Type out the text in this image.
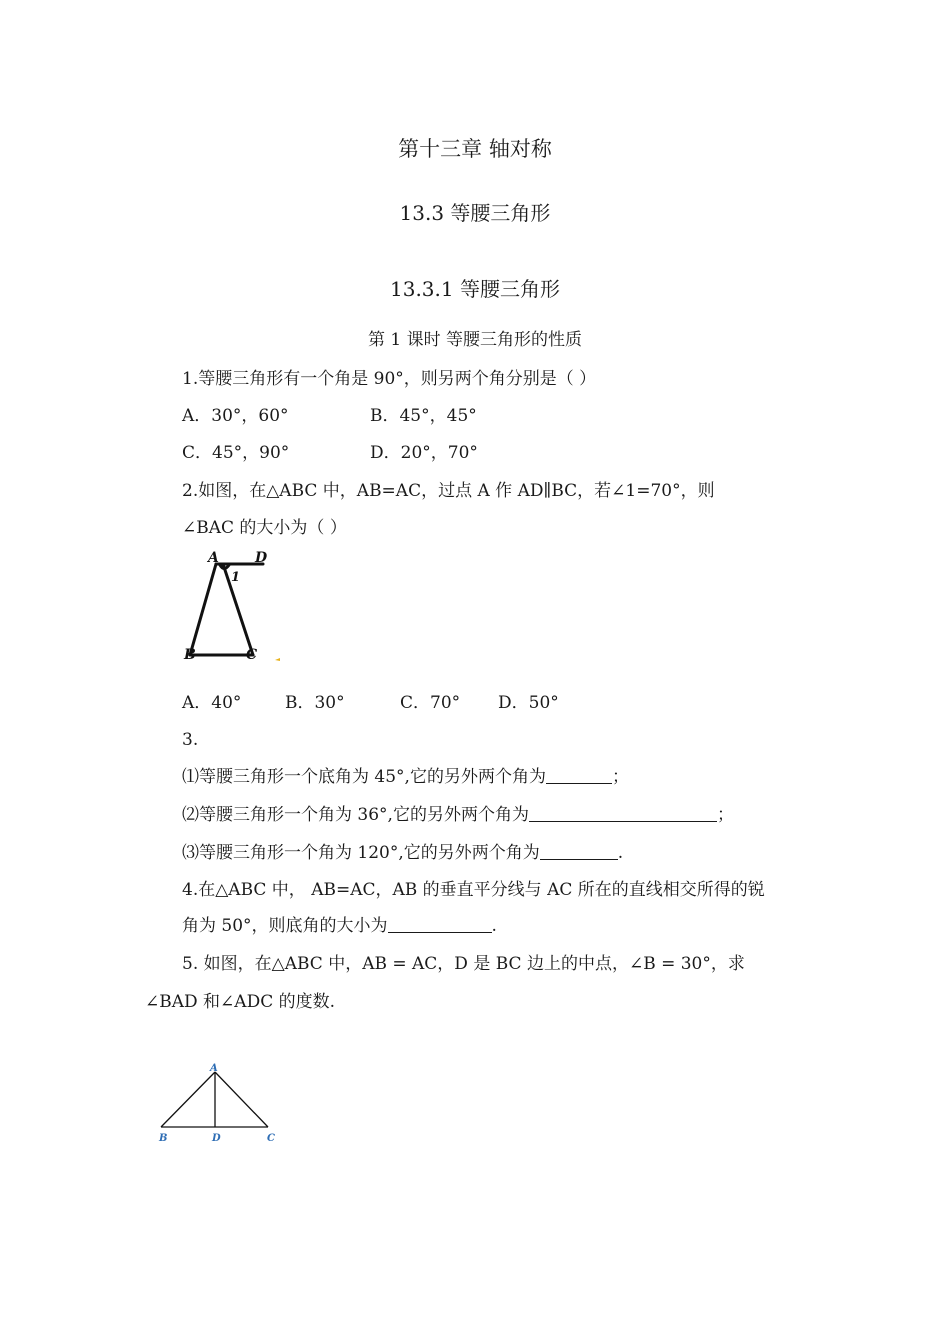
第十三章 轴对称
13.3 等腰三角形
13.3.1 等腰三角形
第 1 课时 等腰三角形的性质
1.等腰三角形有一个角是 90°，则另两个角分别是（ ）
A．30°，60°	B．45°，45°
C．45°，90°	D．20°，70°
2.如图，在△ABC 中，AB=AC，过点 A 作 AD∥BC，若∠1=70°，则
∠BAC 的大小为（ ）
A	D
1
B	C
A．40°	B．30°	C．70° D．50°
3.
⑴等腰三角形一个底角为 45°,它的另外两个角为	；
⑵等腰三角形一个角为 36°,它的另外两个角为	；
⑶等腰三角形一个角为 120°,它的另外两个角为	.
4.在△ABC 中， AB=AC，AB 的垂直平分线与 AC 所在的直线相交所得的锐
角为 50°，则底角的大小为	.
5. 如图，在△ABC 中，AB = AC，D 是 BC 边上的中点，∠B = 30°，求
∠BAD 和∠ADC 的度数.
A
B	D	C
